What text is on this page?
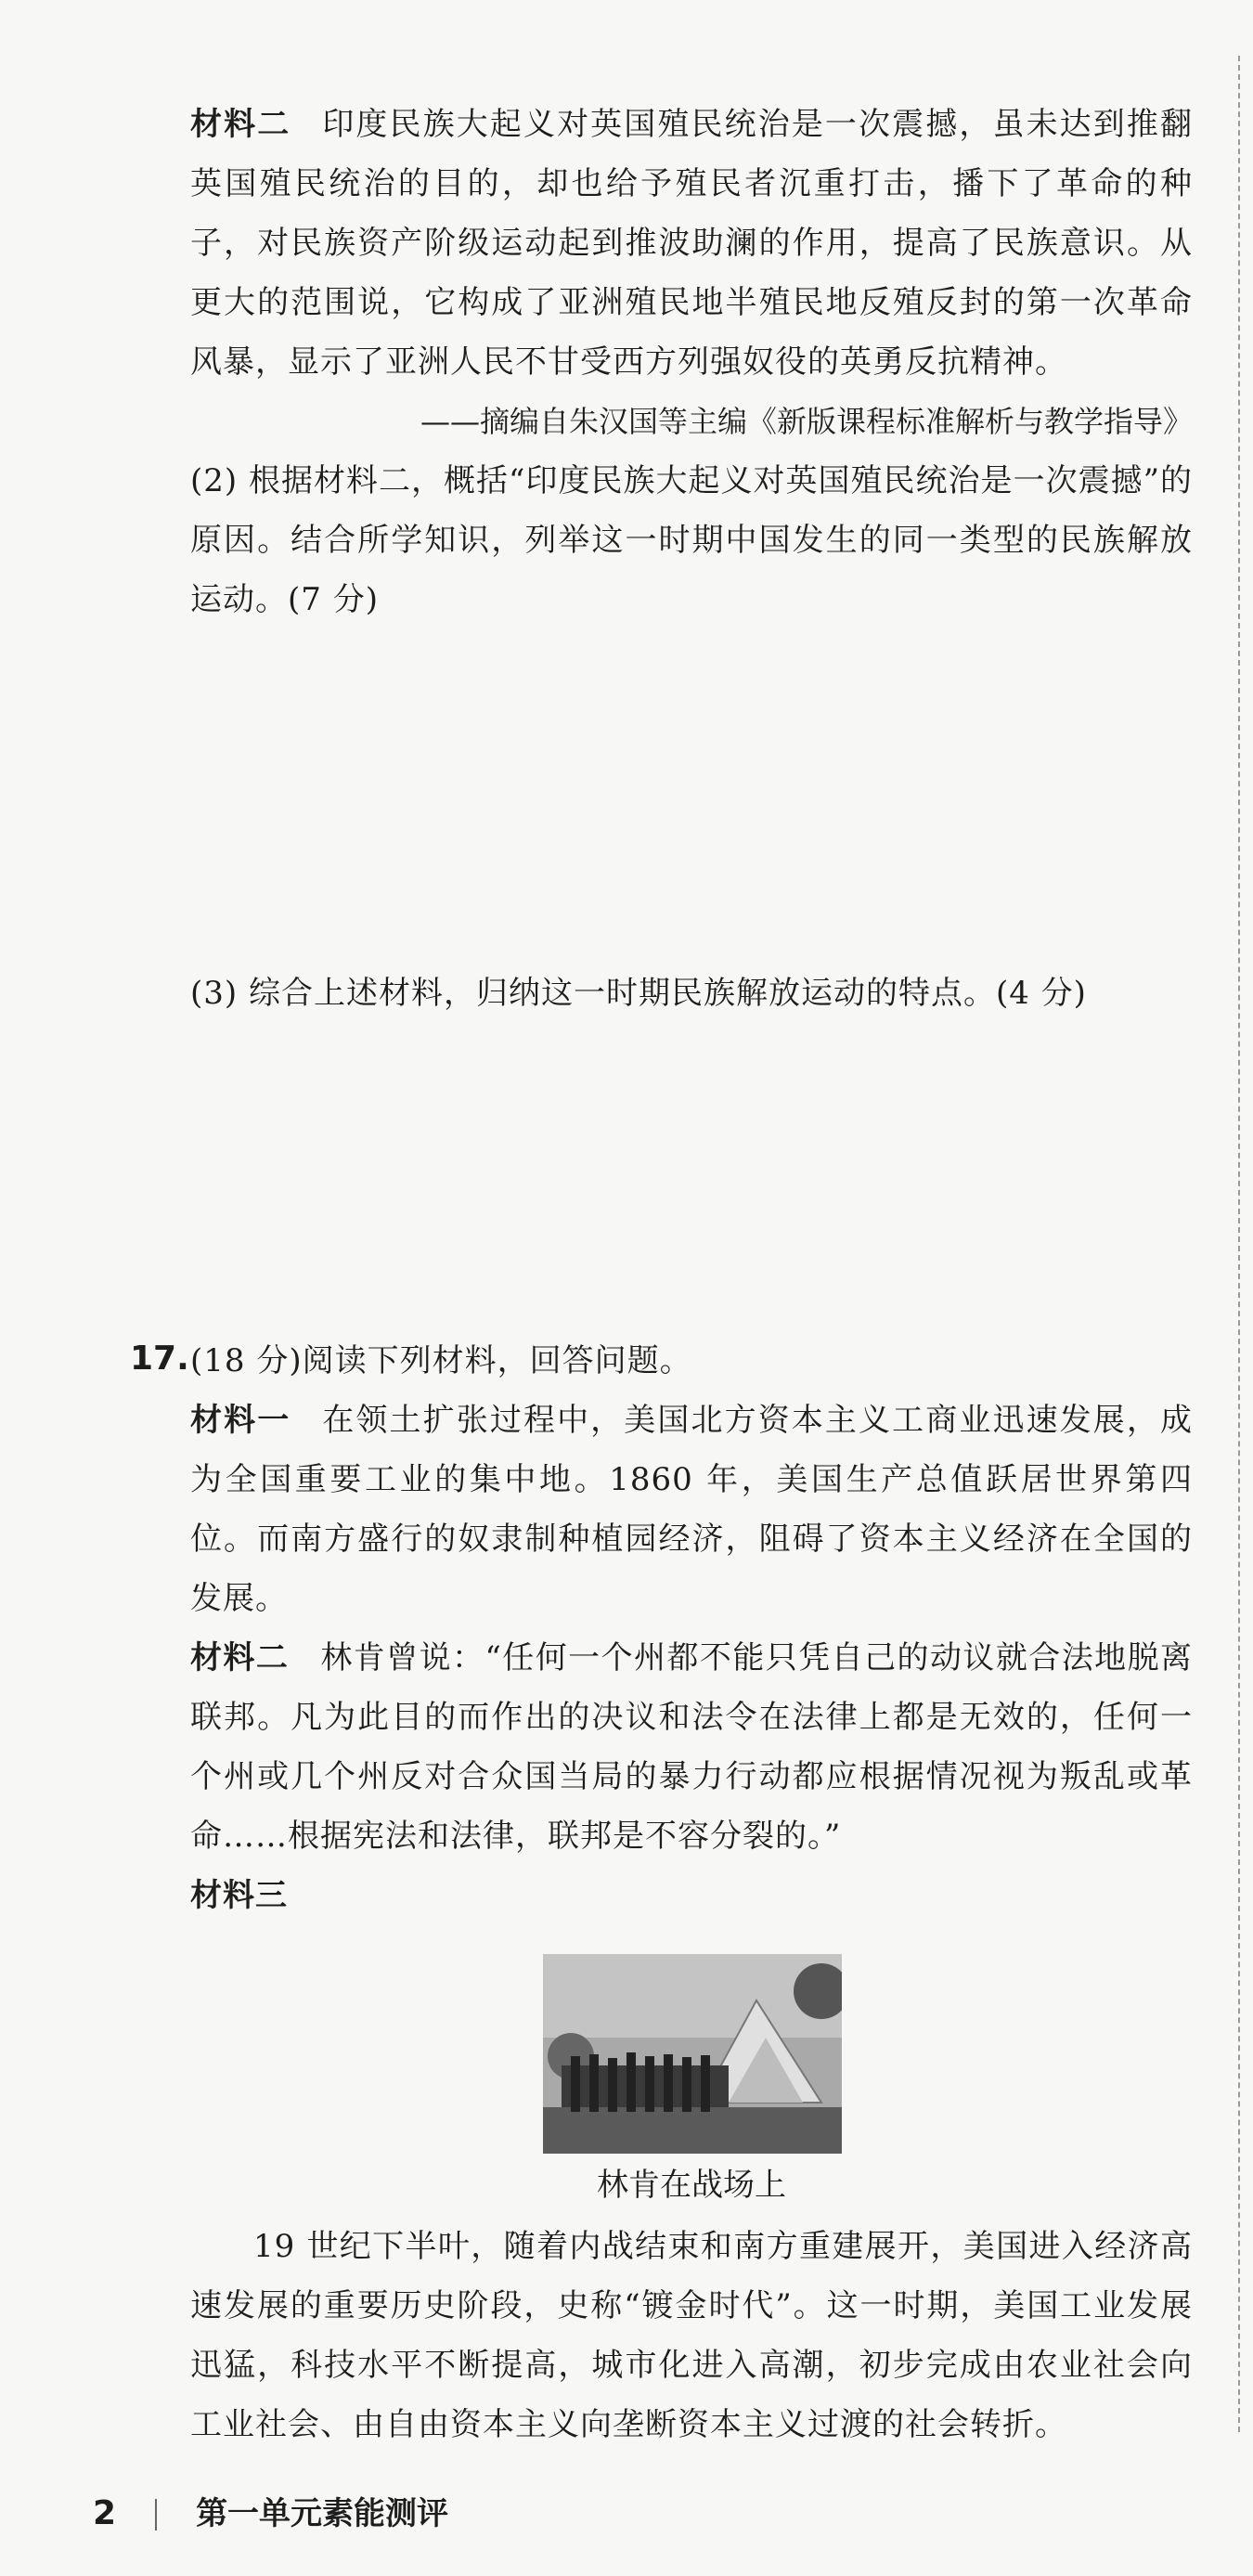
材料二 印度民族大起义对英国殖民统治是一次震撼，虽未达到推翻英国殖民统治的目的，却也给予殖民者沉重打击，播下了革命的种子，对民族资产阶级运动起到推波助澜的作用，提高了民族意识。从更大的范围说，它构成了亚洲殖民地半殖民地反殖反封的第一次革命风暴，显示了亚洲人民不甘受西方列强奴役的英勇反抗精神。

——摘编自朱汉国等主编《新版课程标准解析与教学指导》

(2) 根据材料二，概括“印度民族大起义对英国殖民统治是一次震撼”的原因。结合所学知识，列举这一时期中国发生的同一类型的民族解放运动。(7 分)

(3) 综合上述材料，归纳这一时期民族解放运动的特点。(4 分)

17. (18 分)阅读下列材料，回答问题。

材料一 在领土扩张过程中，美国北方资本主义工商业迅速发展，成为全国重要工业的集中地。1860 年，美国生产总值跃居世界第四位。而南方盛行的奴隶制种植园经济，阻碍了资本主义经济在全国的发展。

材料二 林肯曾说：“任何一个州都不能只凭自己的动议就合法地脱离联邦。凡为此目的而作出的决议和法令在法律上都是无效的，任何一个州或几个州反对合众国当局的暴力行动都应根据情况视为叛乱或革命……根据宪法和法律，联邦是不容分裂的。”

材料三

林肯在战场上

19 世纪下半叶，随着内战结束和南方重建展开，美国进入经济高速发展的重要历史阶段，史称“镀金时代”。这一时期，美国工业发展迅猛，科技水平不断提高，城市化进入高潮，初步完成由农业社会向工业社会、由自由资本主义向垄断资本主义过渡的社会转折。

2	第一单元素能测评
